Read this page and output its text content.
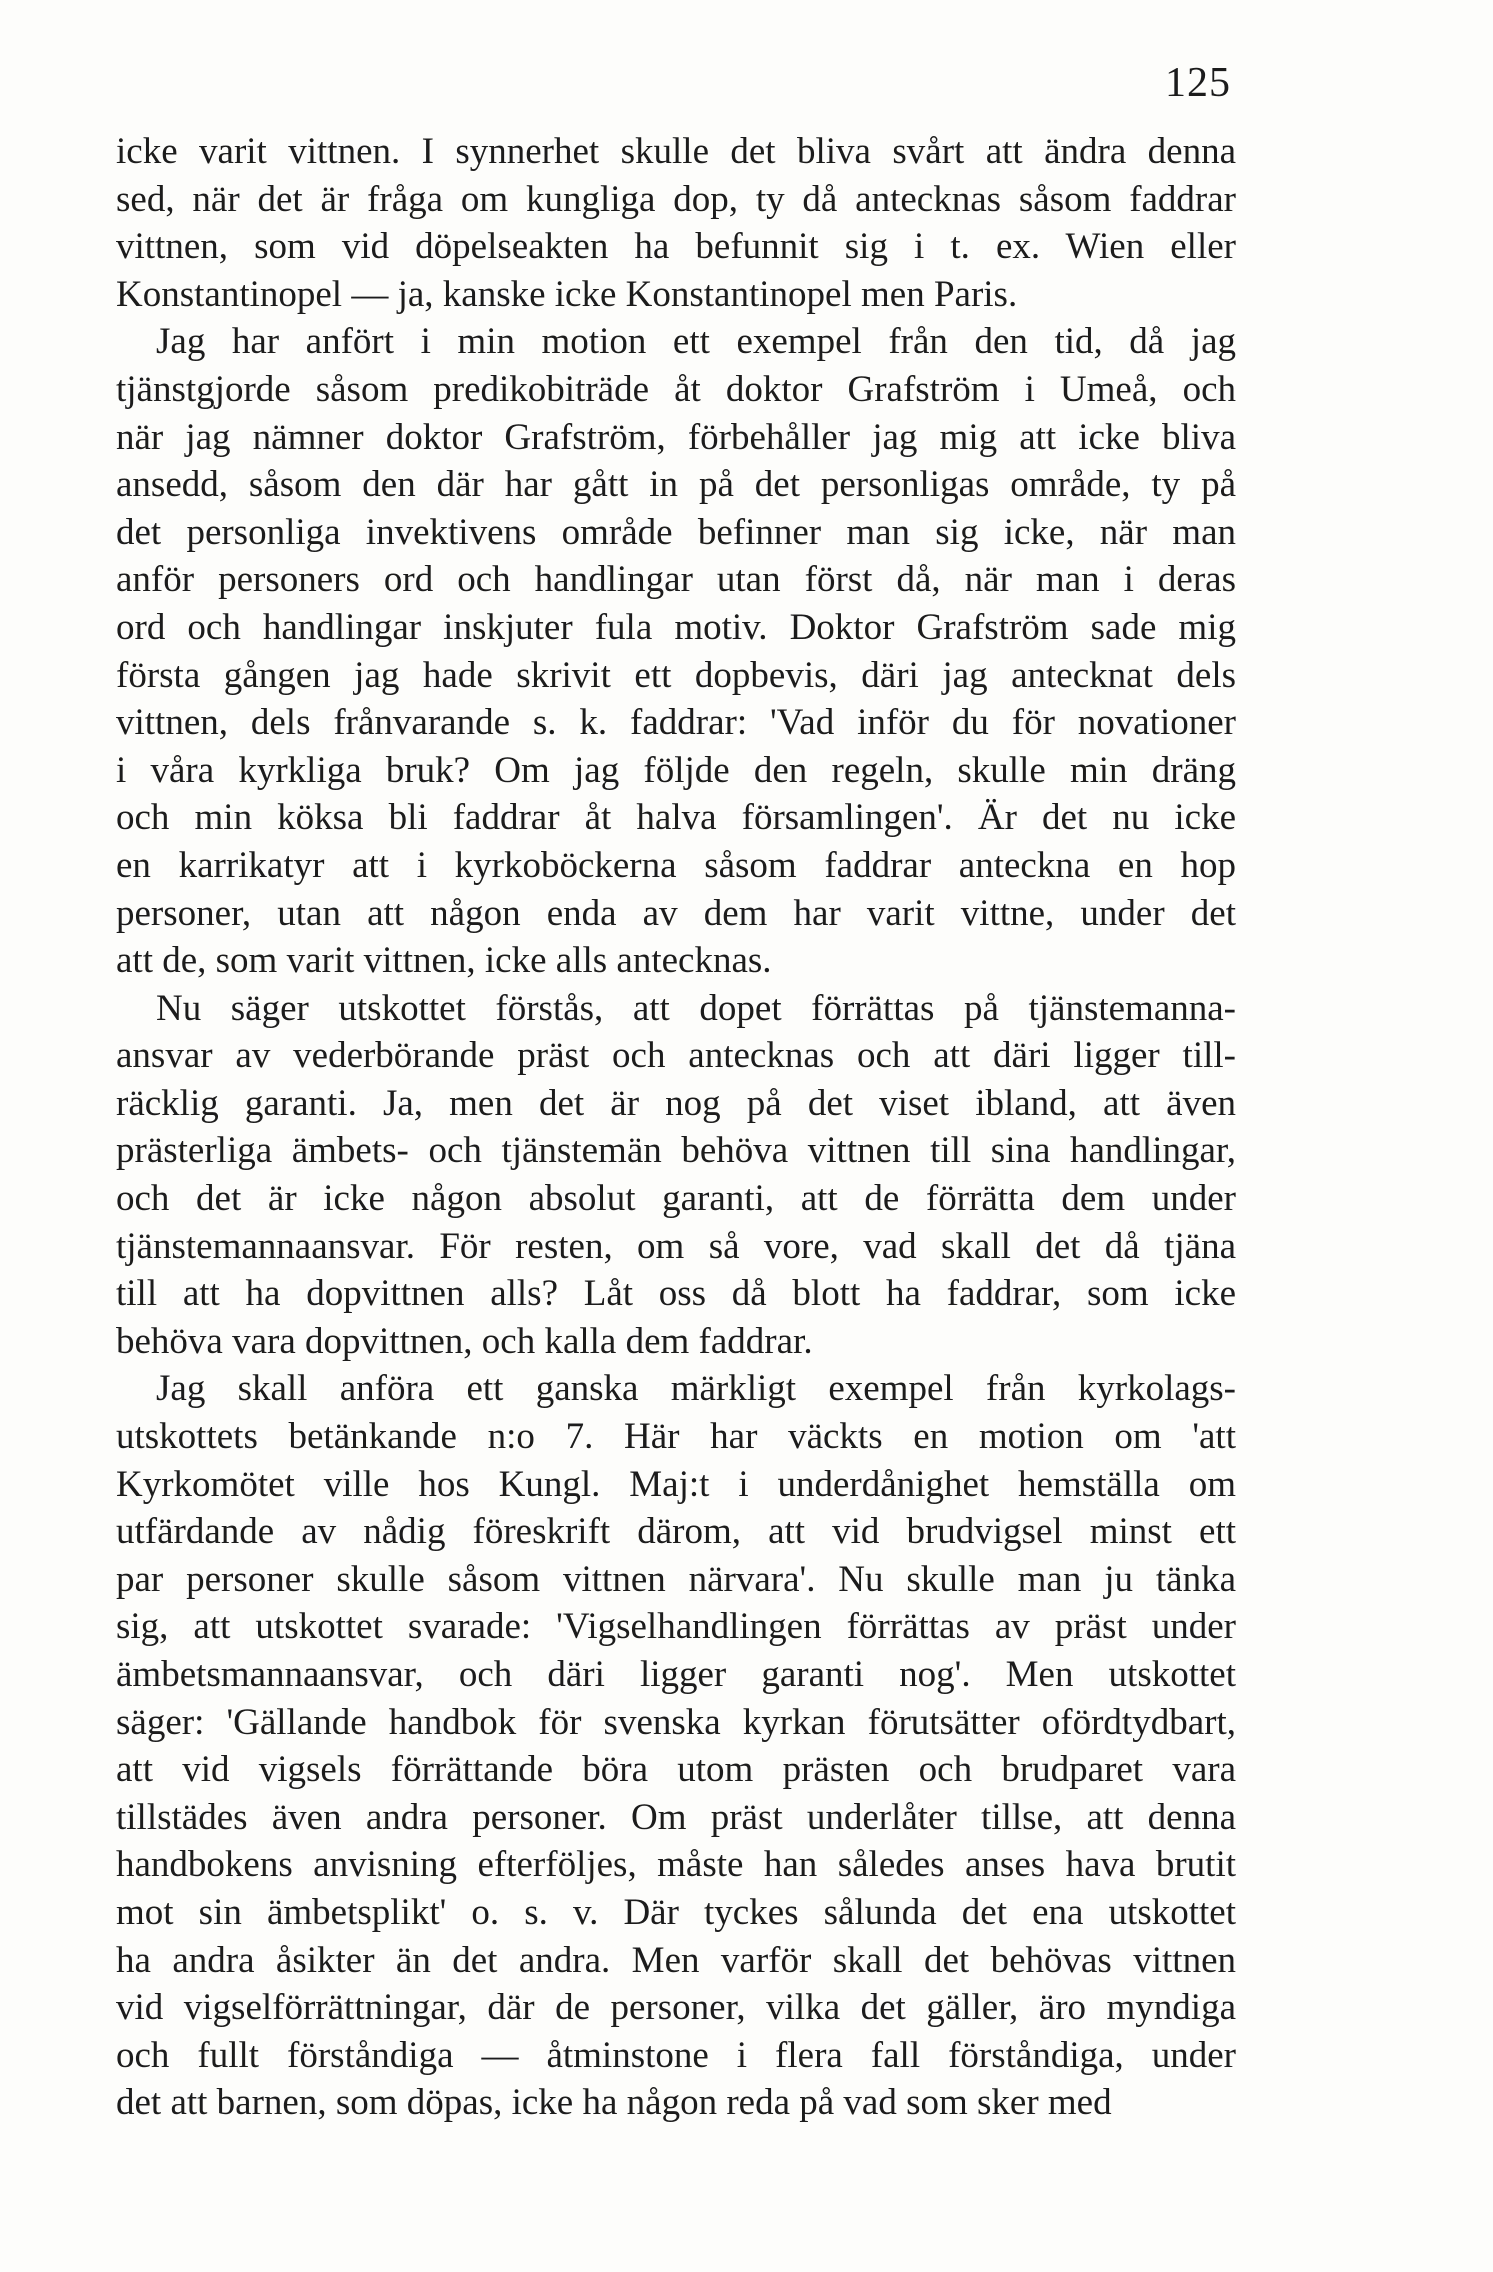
125
icke varit vittnen. I synnerhet skulle det bliva svårt att ändra denna
sed, när det är fråga om kungliga dop, ty då antecknas såsom faddrar
vittnen, som vid döpelseakten ha befunnit sig i t. ex. Wien eller
Konstantinopel — ja, kanske icke Konstantinopel men Paris.
Jag har anfört i min motion ett exempel från den tid, då jag
tjänstgjorde såsom predikobiträde åt doktor Grafström i Umeå, och
när jag nämner doktor Grafström, förbehåller jag mig att icke bliva
ansedd, såsom den där har gått in på det personligas område, ty på
det personliga invektivens område befinner man sig icke, när man
anför personers ord och handlingar utan först då, när man i deras
ord och handlingar inskjuter fula motiv. Doktor Grafström sade mig
första gången jag hade skrivit ett dopbevis, däri jag antecknat dels
vittnen, dels frånvarande s. k. faddrar: 'Vad inför du för novationer
i våra kyrkliga bruk? Om jag följde den regeln, skulle min dräng
och min köksa bli faddrar åt halva församlingen'. Är det nu icke
en karrikatyr att i kyrkoböckerna såsom faddrar anteckna en hop
personer, utan att någon enda av dem har varit vittne, under det
att de, som varit vittnen, icke alls antecknas.
Nu säger utskottet förstås, att dopet förrättas på tjänstemanna-
ansvar av vederbörande präst och antecknas och att däri ligger till-
räcklig garanti. Ja, men det är nog på det viset ibland, att även
prästerliga ämbets- och tjänstemän behöva vittnen till sina handlingar,
och det är icke någon absolut garanti, att de förrätta dem under
tjänstemannaansvar. För resten, om så vore, vad skall det då tjäna
till att ha dopvittnen alls? Låt oss då blott ha faddrar, som icke
behöva vara dopvittnen, och kalla dem faddrar.
Jag skall anföra ett ganska märkligt exempel från kyrkolags-
utskottets betänkande n:o 7. Här har väckts en motion om 'att
Kyrkomötet ville hos Kungl. Maj:t i underdånighet hemställa om
utfärdande av nådig föreskrift därom, att vid brudvigsel minst ett
par personer skulle såsom vittnen närvara'. Nu skulle man ju tänka
sig, att utskottet svarade: 'Vigselhandlingen förrättas av präst under
ämbetsmannaansvar, och däri ligger garanti nog'. Men utskottet
säger: 'Gällande handbok för svenska kyrkan förutsätter ofördtydbart,
att vid vigsels förrättande böra utom prästen och brudparet vara
tillstädes även andra personer. Om präst underlåter tillse, att denna
handbokens anvisning efterföljes, måste han således anses hava brutit
mot sin ämbetsplikt' o. s. v. Där tyckes sålunda det ena utskottet
ha andra åsikter än det andra. Men varför skall det behövas vittnen
vid vigselförrättningar, där de personer, vilka det gäller, äro myndiga
och fullt förståndiga — åtminstone i flera fall förståndiga, under
det att barnen, som döpas, icke ha någon reda på vad som sker med
